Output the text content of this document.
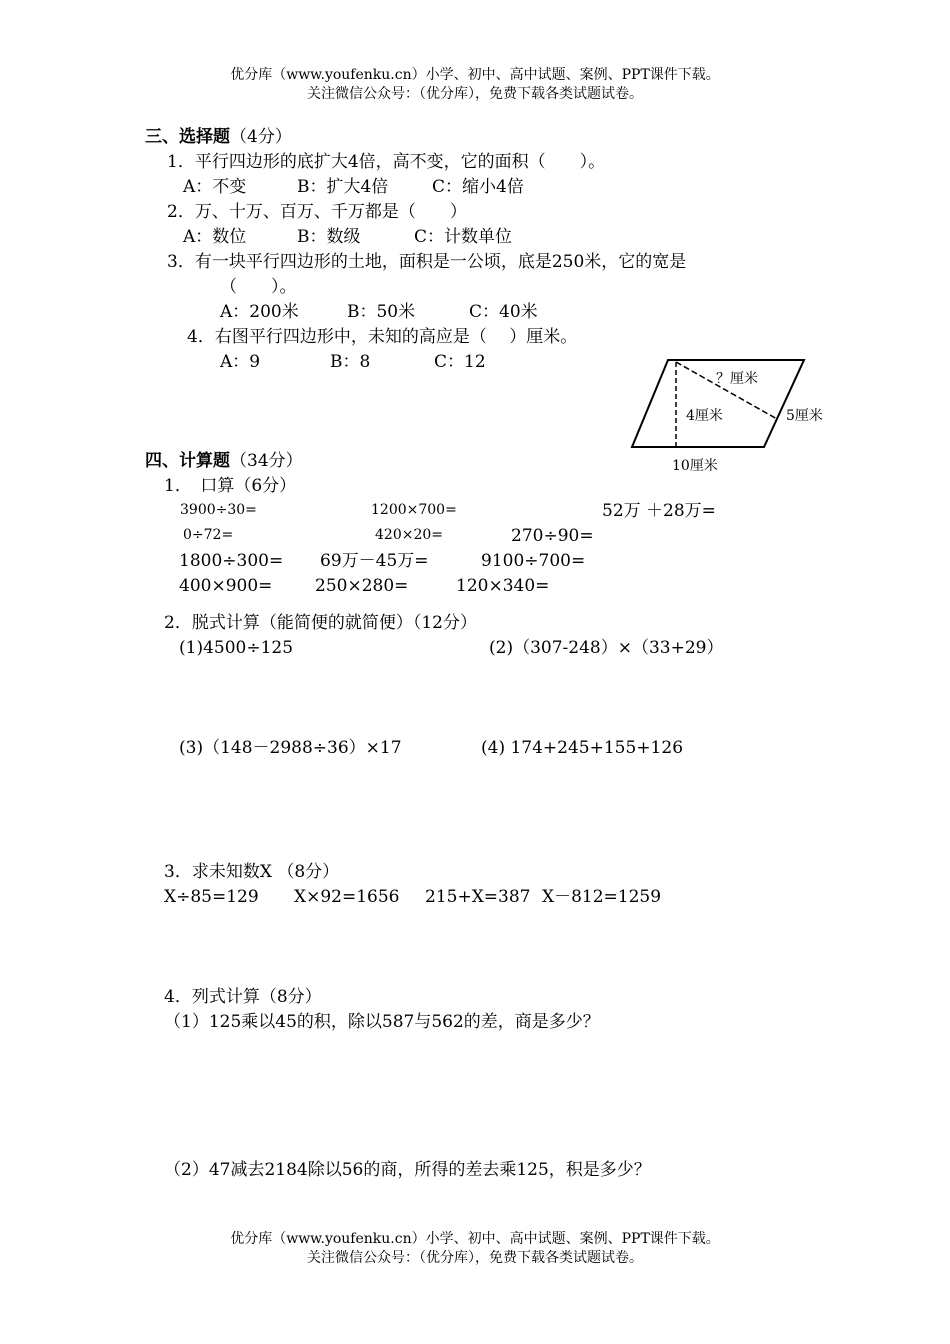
优分库（www.youfenku.cn）小学、初中、高中试题、案例、PPT课件下载。
关注微信公众号：（优分库），免费下载各类试题试卷。
三、选择题（4分）
1．平行四边形的底扩大4倍，高不变，它的面积（　　）。
A：不变	B：扩大4倍	C：缩小4倍
2．万、十万、百万、千万都是（　　）
A：数位	B：数级	C：计数单位
3．有一块平行四边形的土地，面积是一公顷，底是250米，它的宽是
（　　）。
A：200米	B：50米	C：40米
4．右图平行四边形中，未知的高应是（　 ）厘米。
A：9	B：8	C：12
？厘米
4厘米	5厘米
10厘米
四、计算题（34分）
1．　口算（6分）
3900÷30=	1200×700=	52万 ＋28万=
0÷72=	420×20=	270÷90=
1800÷300= 69万－45万=	9100÷700=
400×900=	250×280=	120×340=
2．脱式计算（能简便的就简便）（12分）
(1)4500÷125	(2)（307-248）×（33+29）
(3)（148－2988÷36）×17	(4) 174+245+155+126
3．求未知数X （8分）
X÷85=129 X×92=1656 215+X=387 X－812=1259
4．列式计算（8分）
（1）125乘以45的积，除以587与562的差，商是多少？
（2）47减去2184除以56的商，所得的差去乘125，积是多少？
优分库（www.youfenku.cn）小学、初中、高中试题、案例、PPT课件下载。
关注微信公众号：（优分库），免费下载各类试题试卷。
